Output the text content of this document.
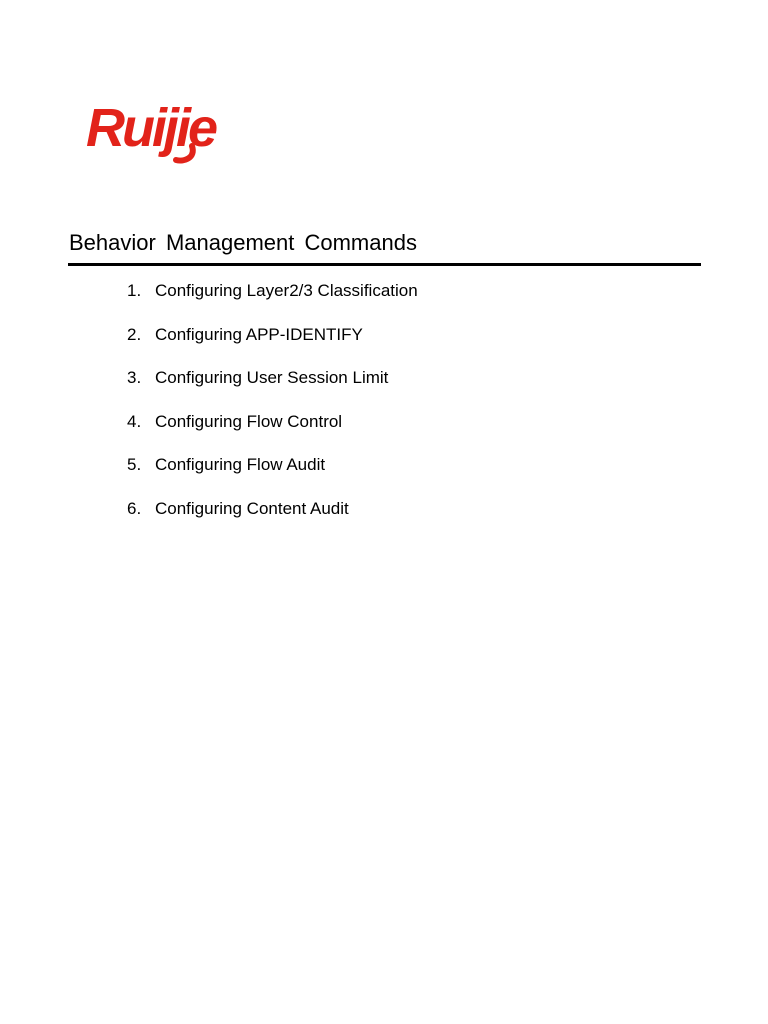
Ruijie
Behavior Management Commands
1. Configuring Layer2/3 Classification
2. Configuring APP-IDENTIFY
3. Configuring User Session Limit
4. Configuring Flow Control
5. Configuring Flow Audit
6. Configuring Content Audit
